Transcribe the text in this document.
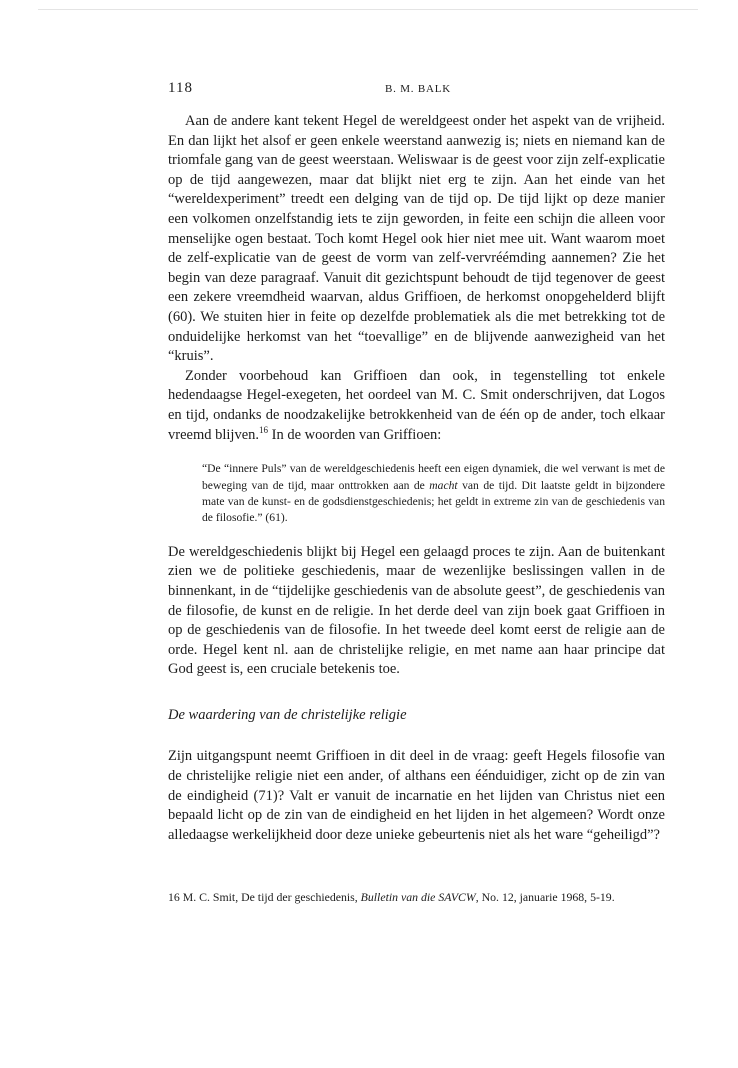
118	B. M. BALK

Aan de andere kant tekent Hegel de wereldgeest onder het aspekt van de vrijheid. En dan lijkt het alsof er geen enkele weerstand aanwezig is; niets en niemand kan de triomfale gang van de geest weerstaan. Weliswaar is de geest voor zijn zelf-explicatie op de tijd aangewezen, maar dat blijkt niet erg te zijn. Aan het einde van het “wereldexperiment” treedt een delging van de tijd op. De tijd lijkt op deze manier een volkomen onzelfstandig iets te zijn geworden, in feite een schijn die alleen voor menselijke ogen bestaat. Toch komt Hegel ook hier niet mee uit. Want waarom moet de zelf-explicatie van de geest de vorm van zelf-vervréémding aannemen? Zie het begin van deze paragraaf. Vanuit dit gezichtspunt behoudt de tijd tegenover de geest een zekere vreemdheid waarvan, aldus Griffioen, de herkomst onopgehelderd blijft (60). We stuiten hier in feite op dezelfde problematiek als die met betrekking tot de onduidelijke herkomst van het “toevallige” en de blijvende aanwezigheid van het “kruis”.

Zonder voorbehoud kan Griffioen dan ook, in tegenstelling tot enkele hedendaagse Hegel-exegeten, het oordeel van M. C. Smit onderschrijven, dat Logos en tijd, ondanks de noodzakelijke betrokkenheid van de één op de ander, toch elkaar vreemd blijven.$^{16}$ In de woorden van Griffioen:

“De “innere Puls” van de wereldgeschiedenis heeft een eigen dynamiek, die wel verwant is met de beweging van de tijd, maar onttrokken aan de macht van de tijd. Dit laatste geldt in bijzondere mate van de kunst- en de godsdienstgeschiedenis; het geldt in extreme zin van de geschiedenis van de filosofie.” (61).

De wereldgeschiedenis blijkt bij Hegel een gelaagd proces te zijn. Aan de buitenkant zien we de politieke geschiedenis, maar de wezenlijke beslissingen vallen in de binnenkant, in de “tijdelijke geschiedenis van de absolute geest”, de geschiedenis van de filosofie, de kunst en de religie. In het derde deel van zijn boek gaat Griffioen in op de geschiedenis van de filosofie. In het tweede deel komt eerst de religie aan de orde. Hegel kent nl. aan de christelijke religie, en met name aan haar principe dat God geest is, een cruciale betekenis toe.

De waardering van de christelijke religie

Zijn uitgangspunt neemt Griffioen in dit deel in de vraag: geeft Hegels filosofie van de christelijke religie niet een ander, of althans een éénduidiger, zicht op de zin van de eindigheid (71)? Valt er vanuit de incarnatie en het lijden van Christus niet een bepaald licht op de zin van de eindigheid en het lijden in het algemeen? Wordt onze alledaagse werkelijkheid door deze unieke gebeurtenis niet als het ware “geheiligd”?

16 M. C. Smit, De tijd der geschiedenis, Bulletin van die SAVCW, No. 12, januarie 1968, 5-19.
